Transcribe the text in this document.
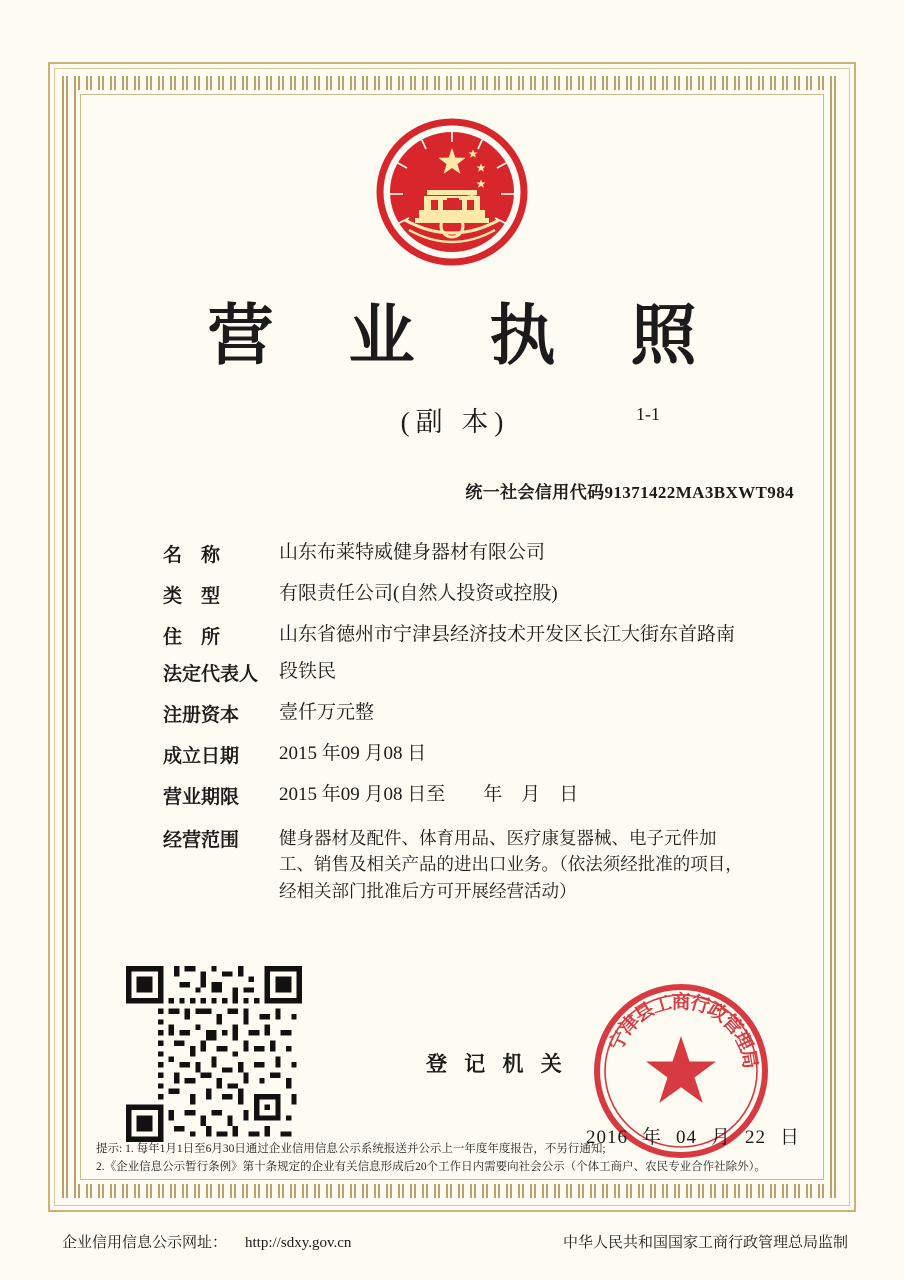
营 业 执 照
(副 本)	1-1
统一社会信用代码91371422MA3BXWT984
名　称	山东布莱特威健身器材有限公司
类　型	有限责任公司(自然人投资或控股)
住　所	山东省德州市宁津县经济技术开发区长江大街东首路南
法定代表人	段铁民
注册资本	壹仟万元整
成立日期	2015 年09 月08 日
营业期限	2015 年09 月08 日至　　年　月　日
经营范围	健身器材及配件、体育用品、医疗康复器械、电子元件加工、销售及相关产品的进出口业务。（依法须经批准的项目，经相关部门批准后方可开展经营活动）
登 记 机 关
宁
津
县
工
商
行
政
管
理
局
2016 年 04 月 22 日
提示: 1. 每年1月1日至6月30日通过企业信用信息公示系统报送并公示上一年度年度报告，不另行通知;
2.《企业信息公示暂行条例》第十条规定的企业有关信息形成后20个工作日内需要向社会公示（个体工商户、农民专业合作社除外）。
企业信用信息公示网址： http://sdxy.gov.cn	中华人民共和国国家工商行政管理总局监制
